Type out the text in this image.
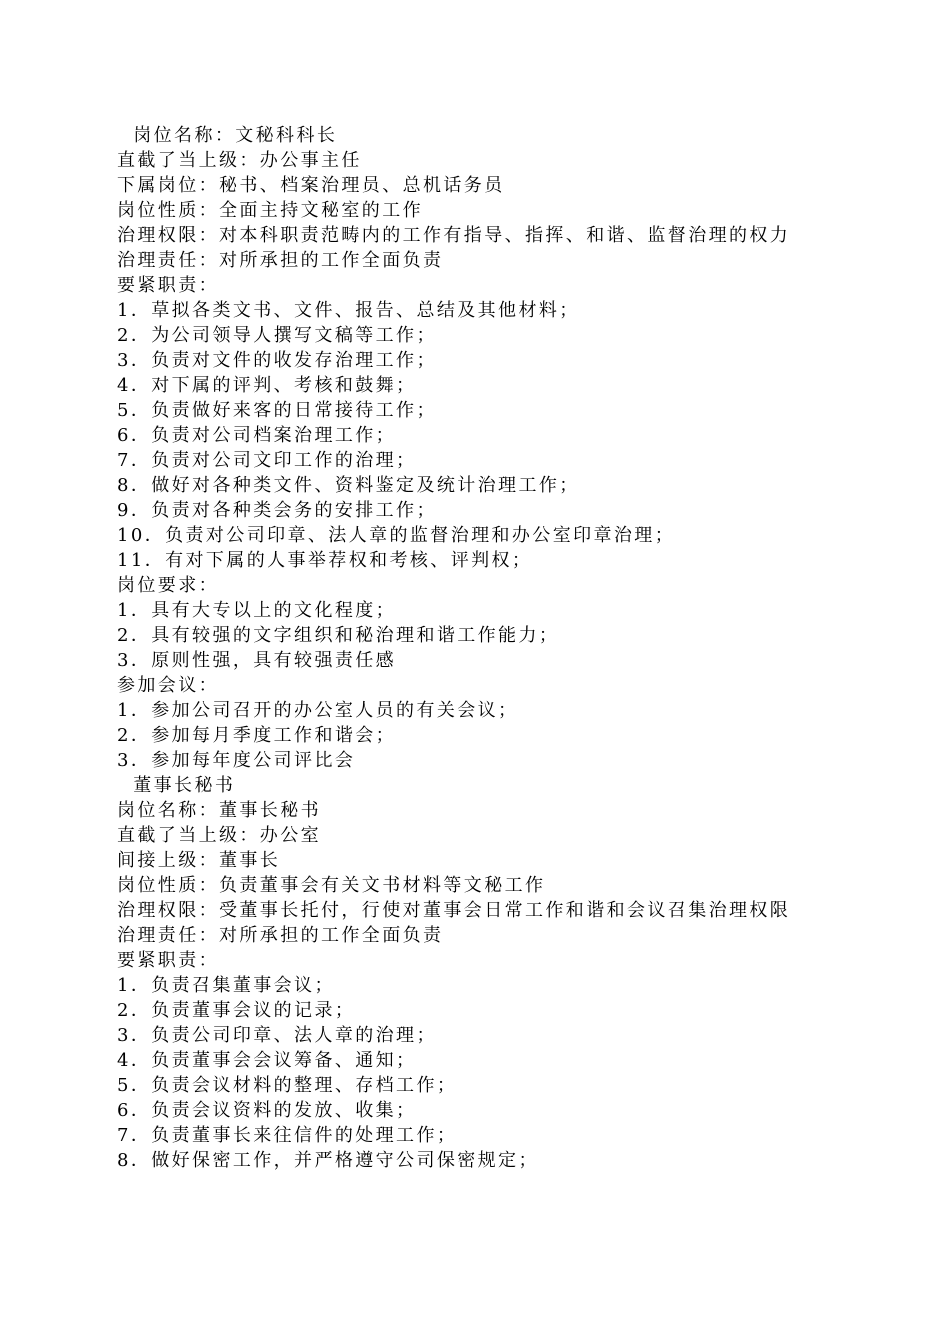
岗位名称：文秘科科长
直截了当上级：办公事主任
下属岗位：秘书、档案治理员、总机话务员
岗位性质：全面主持文秘室的工作
治理权限：对本科职责范畴内的工作有指导、指挥、和谐、监督治理的权力
治理责任：对所承担的工作全面负责
要紧职责：
1．草拟各类文书、文件、报告、总结及其他材料；
2．为公司领导人撰写文稿等工作；
3．负责对文件的收发存治理工作；
4．对下属的评判、考核和鼓舞；
5．负责做好来客的日常接待工作；
6．负责对公司档案治理工作；
7．负责对公司文印工作的治理；
8．做好对各种类文件、资料鉴定及统计治理工作；
9．负责对各种类会务的安排工作；
10．负责对公司印章、法人章的监督治理和办公室印章治理；
11．有对下属的人事举荐权和考核、评判权；
岗位要求：
1．具有大专以上的文化程度；
2．具有较强的文字组织和秘治理和谐工作能力；
3．原则性强，具有较强责任感
参加会议：
1．参加公司召开的办公室人员的有关会议；
2．参加每月季度工作和谐会；
3．参加每年度公司评比会
董事长秘书
岗位名称：董事长秘书
直截了当上级：办公室
间接上级：董事长
岗位性质：负责董事会有关文书材料等文秘工作
治理权限：受董事长托付，行使对董事会日常工作和谐和会议召集治理权限
治理责任：对所承担的工作全面负责
要紧职责：
1．负责召集董事会议；
2．负责董事会议的记录；
3．负责公司印章、法人章的治理；
4．负责董事会会议筹备、通知；
5．负责会议材料的整理、存档工作；
6．负责会议资料的发放、收集；
7．负责董事长来往信件的处理工作；
8．做好保密工作，并严格遵守公司保密规定；
